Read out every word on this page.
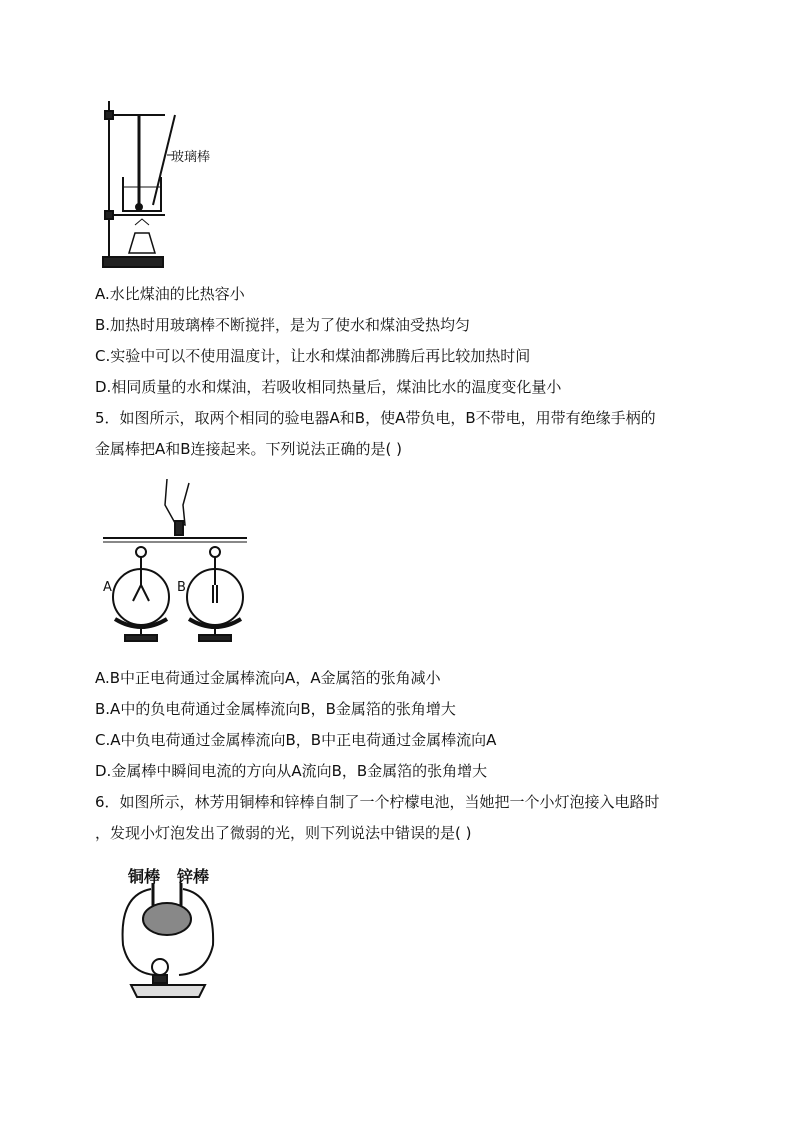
玻璃棒
A.水比煤油的比热容小
B.加热时用玻璃棒不断搅拌，是为了使水和煤油受热均匀
C.实验中可以不使用温度计，让水和煤油都沸腾后再比较加热时间
D.相同质量的水和煤油，若吸收相同热量后，煤油比水的温度变化量小
5．如图所示，取两个相同的验电器A和B，使A带负电，B不带电，用带有绝缘手柄的
金属棒把A和B连接起来。下列说法正确的是( )
A	B
A.B中正电荷通过金属棒流向A，A金属箔的张角减小
B.A中的负电荷通过金属棒流向B，B金属箔的张角增大
C.A中负电荷通过金属棒流向B，B中正电荷通过金属棒流向A
D.金属棒中瞬间电流的方向从A流向B，B金属箔的张角增大
6．如图所示，林芳用铜棒和锌棒自制了一个柠檬电池，当她把一个小灯泡接入电路时
，发现小灯泡发出了微弱的光，则下列说法中错误的是( )
铜棒 锌棒
